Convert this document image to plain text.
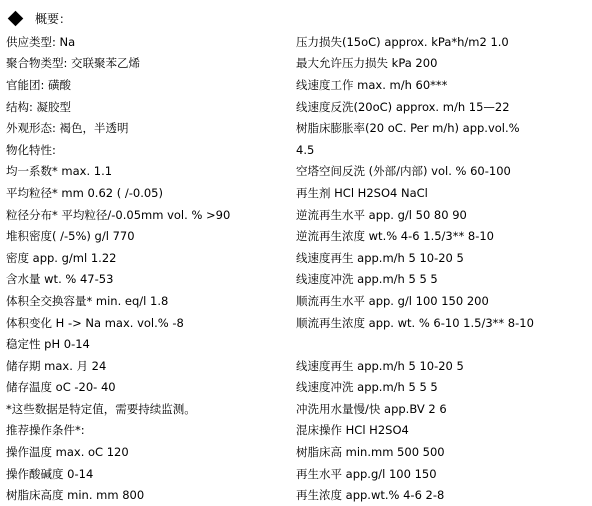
概要：
供应类型: Na	压力损失(15oC) approx. kPa*h/m2 1.0
聚合物类型: 交联聚苯乙烯	最大允许压力损失 kPa 200
官能团: 磺酸	线速度工作 max. m/h 60***
结构: 凝胶型	线速度反洗(20oC) approx. m/h 15—22
外观形态: 褐色，半透明	树脂床膨胀率(20 oC. Per m/h) app.vol.%
物化特性:	4.5
均一系数* max. 1.1	空塔空间反洗 (外部/内部) vol. % 60-100
平均粒径* mm 0.62 ( /-0.05)	再生剂 HCl H2SO4 NaCl
粒径分布* 平均粒径/-0.05mm vol. % >90	逆流再生水平 app. g/l 50 80 90
堆积密度( /-5%) g/l 770	逆流再生浓度 wt.% 4-6 1.5/3** 8-10
密度 app. g/ml 1.22	线速度再生 app.m/h 5 10-20 5
含水量 wt. % 47-53	线速度冲洗 app.m/h 5 5 5
体积全交换容量* min. eq/l 1.8	顺流再生水平 app. g/l 100 150 200
体积变化 H -> Na max. vol.% -8	顺流再生浓度 app. wt. % 6-10 1.5/3** 8-10
稳定性 pH 0-14
储存期 max. 月 24	线速度再生 app.m/h 5 10-20 5
储存温度 oC -20- 40	线速度冲洗 app.m/h 5 5 5
*这些数据是特定值，需要持续监测。	冲洗用水量慢/快 app.BV 2 6
推荐操作条件*:	混床操作 HCl H2SO4
操作温度 max. oC 120	树脂床高 min.mm 500 500
操作酸碱度 0-14	再生水平 app.g/l 100 150
树脂床高度 min. mm 800	再生浓度 app.wt.% 4-6 2-8
